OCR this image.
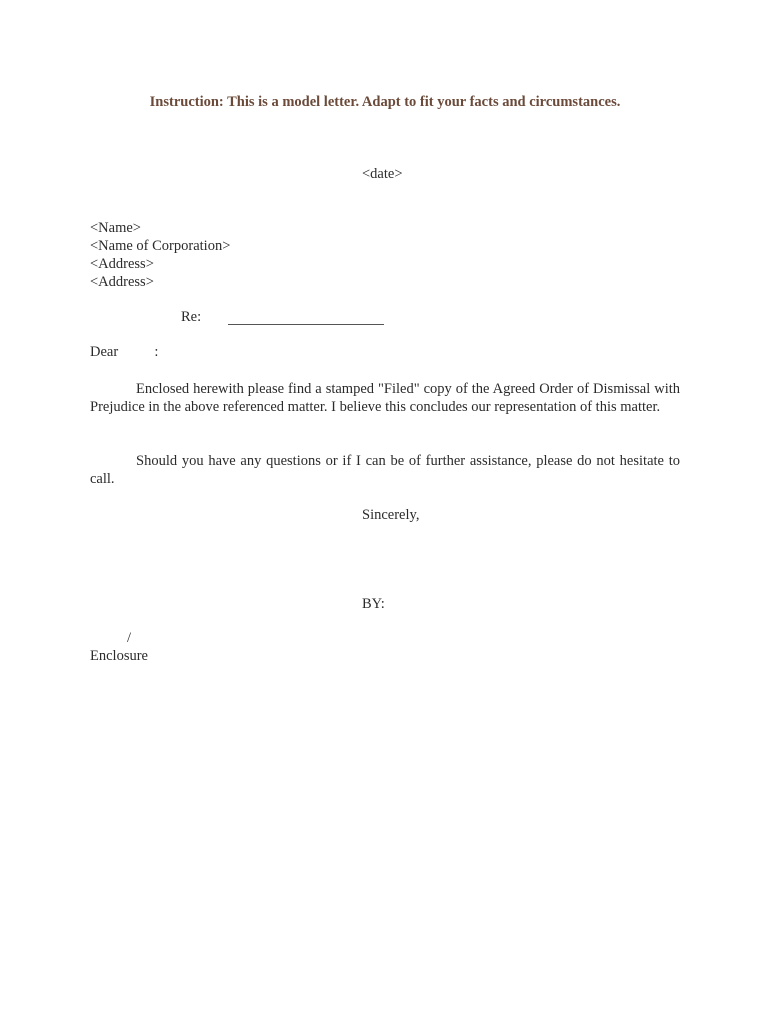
Instruction: This is a model letter. Adapt to fit your facts and circumstances.
<date>
<Name>
<Name of Corporation>
<Address>
<Address>
Re:
Dear          :
Enclosed herewith please find a stamped "Filed" copy of the Agreed Order of Dismissal with Prejudice in the above referenced matter. I believe this concludes our representation of this matter.
Should you have any questions or if I can be of further assistance, please do not hesitate to call.
Sincerely,
BY:
/
Enclosure
